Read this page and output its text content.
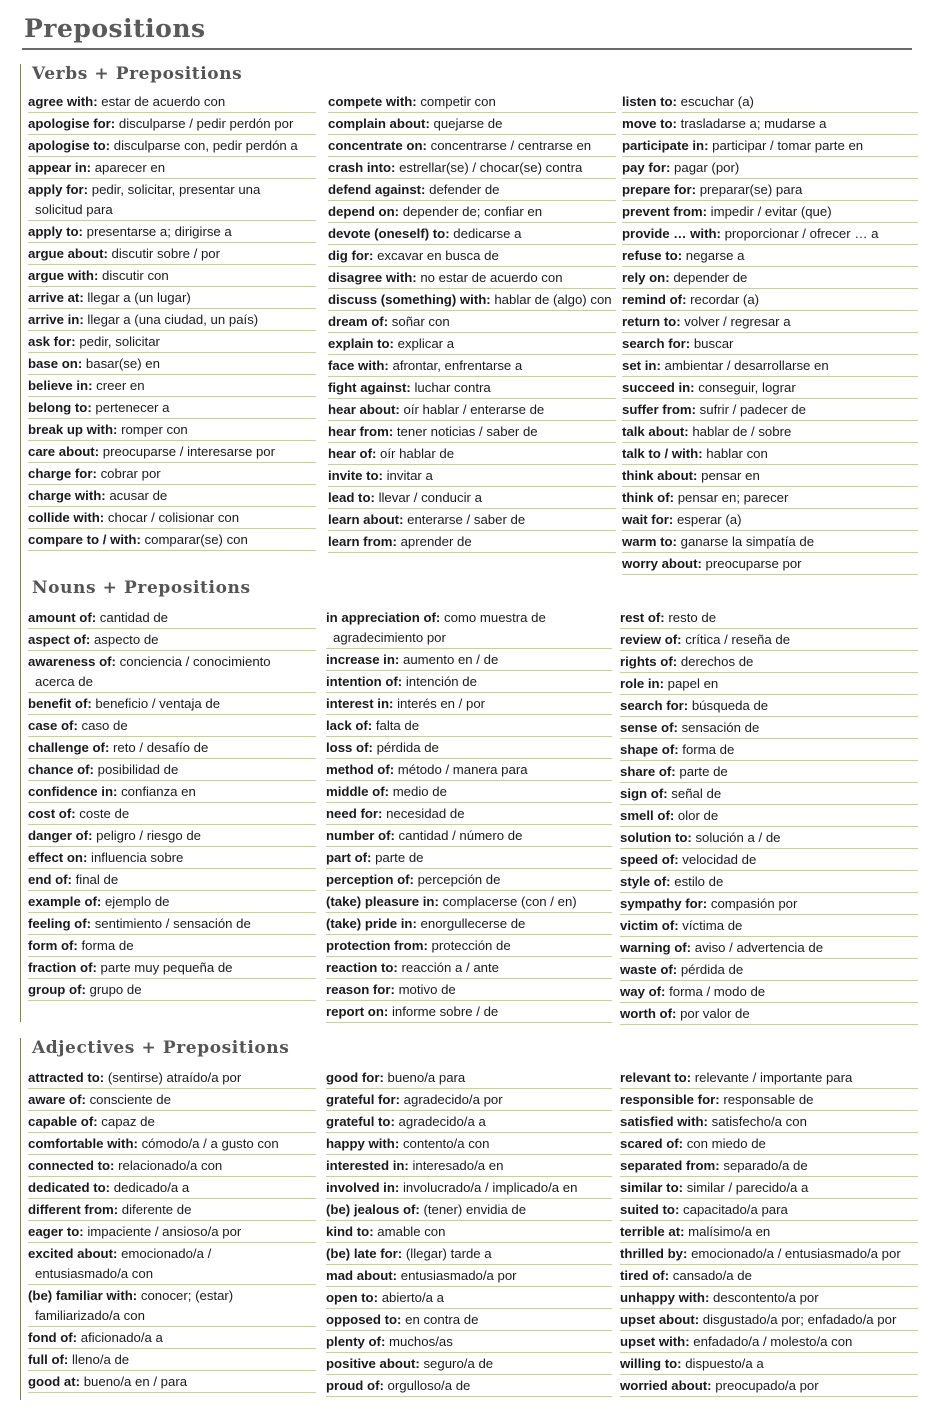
Prepositions
Verbs + Prepositions
agree with: estar de acuerdo con
apologise for: disculparse / pedir perdón por
apologise to: disculparse con, pedir perdón a
appear in: aparecer en
apply for: pedir, solicitar, presentar una
solicitud para
apply to: presentarse a; dirigirse a
argue about: discutir sobre / por
argue with: discutir con
arrive at: llegar a (un lugar)
arrive in: llegar a (una ciudad, un país)
ask for: pedir, solicitar
base on: basar(se) en
believe in: creer en
belong to: pertenecer a
break up with: romper con
care about: preocuparse / interesarse por
charge for: cobrar por
charge with: acusar de
collide with: chocar / colisionar con
compare to / with: comparar(se) con
compete with: competir con
complain about: quejarse de
concentrate on: concentrarse / centrarse en
crash into: estrellar(se) / chocar(se) contra
defend against: defender de
depend on: depender de; confiar en
devote (oneself) to: dedicarse a
dig for: excavar en busca de
disagree with: no estar de acuerdo con
discuss (something) with: hablar de (algo) con
dream of: soñar con
explain to: explicar a
face with: afrontar, enfrentarse a
fight against: luchar contra
hear about: oír hablar / enterarse de
hear from: tener noticias / saber de
hear of: oír hablar de
invite to: invitar a
lead to: llevar / conducir a
learn about: enterarse / saber de
learn from: aprender de
listen to: escuchar (a)
move to: trasladarse a; mudarse a
participate in: participar / tomar parte en
pay for: pagar (por)
prepare for: preparar(se) para
prevent from: impedir / evitar (que)
provide … with: proporcionar / ofrecer … a
refuse to: negarse a
rely on: depender de
remind of: recordar (a)
return to: volver / regresar a
search for: buscar
set in: ambientar / desarrollarse en
succeed in: conseguir, lograr
suffer from: sufrir / padecer de
talk about: hablar de / sobre
talk to / with: hablar con
think about: pensar en
think of: pensar en; parecer
wait for: esperar (a)
warm to: ganarse la simpatía de
worry about: preocuparse por
Nouns + Prepositions
amount of: cantidad de
aspect of: aspecto de
awareness of: conciencia / conocimiento
acerca de
benefit of: beneficio / ventaja de
case of: caso de
challenge of: reto / desafío de
chance of: posibilidad de
confidence in: confianza en
cost of: coste de
danger of: peligro / riesgo de
effect on: influencia sobre
end of: final de
example of: ejemplo de
feeling of: sentimiento / sensación de
form of: forma de
fraction of: parte muy pequeña de
group of: grupo de
in appreciation of: como muestra de
agradecimiento por
increase in: aumento en / de
intention of: intención de
interest in: interés en / por
lack of: falta de
loss of: pérdida de
method of: método / manera para
middle of: medio de
need for: necesidad de
number of: cantidad / número de
part of: parte de
perception of: percepción de
(take) pleasure in: complacerse (con / en)
(take) pride in: enorgullecerse de
protection from: protección de
reaction to: reacción a / ante
reason for: motivo de
report on: informe sobre / de
rest of: resto de
review of: crítica / reseña de
rights of: derechos de
role in: papel en
search for: búsqueda de
sense of: sensación de
shape of: forma de
share of: parte de
sign of: señal de
smell of: olor de
solution to: solución a / de
speed of: velocidad de
style of: estilo de
sympathy for: compasión por
victim of: víctima de
warning of: aviso / advertencia de
waste of: pérdida de
way of: forma / modo de
worth of: por valor de
Adjectives + Prepositions
attracted to: (sentirse) atraído/a por
aware of: consciente de
capable of: capaz de
comfortable with: cómodo/a / a gusto con
connected to: relacionado/a con
dedicated to: dedicado/a a
different from: diferente de
eager to: impaciente / ansioso/a por
excited about: emocionado/a /
entusiasmado/a con
(be) familiar with: conocer; (estar)
familiarizado/a con
fond of: aficionado/a a
full of: lleno/a de
good at: bueno/a en / para
good for: bueno/a para
grateful for: agradecido/a por
grateful to: agradecido/a a
happy with: contento/a con
interested in: interesado/a en
involved in: involucrado/a / implicado/a en
(be) jealous of: (tener) envidia de
kind to: amable con
(be) late for: (llegar) tarde a
mad about: entusiasmado/a por
open to: abierto/a a
opposed to: en contra de
plenty of: muchos/as
positive about: seguro/a de
proud of: orgulloso/a de
relevant to: relevante / importante para
responsible for: responsable de
satisfied with: satisfecho/a con
scared of: con miedo de
separated from: separado/a de
similar to: similar / parecido/a a
suited to: capacitado/a para
terrible at: malísimo/a en
thrilled by: emocionado/a / entusiasmado/a por
tired of: cansado/a de
unhappy with: descontento/a por
upset about: disgustado/a por; enfadado/a por
upset with: enfadado/a / molesto/a con
willing to: dispuesto/a a
worried about: preocupado/a por
